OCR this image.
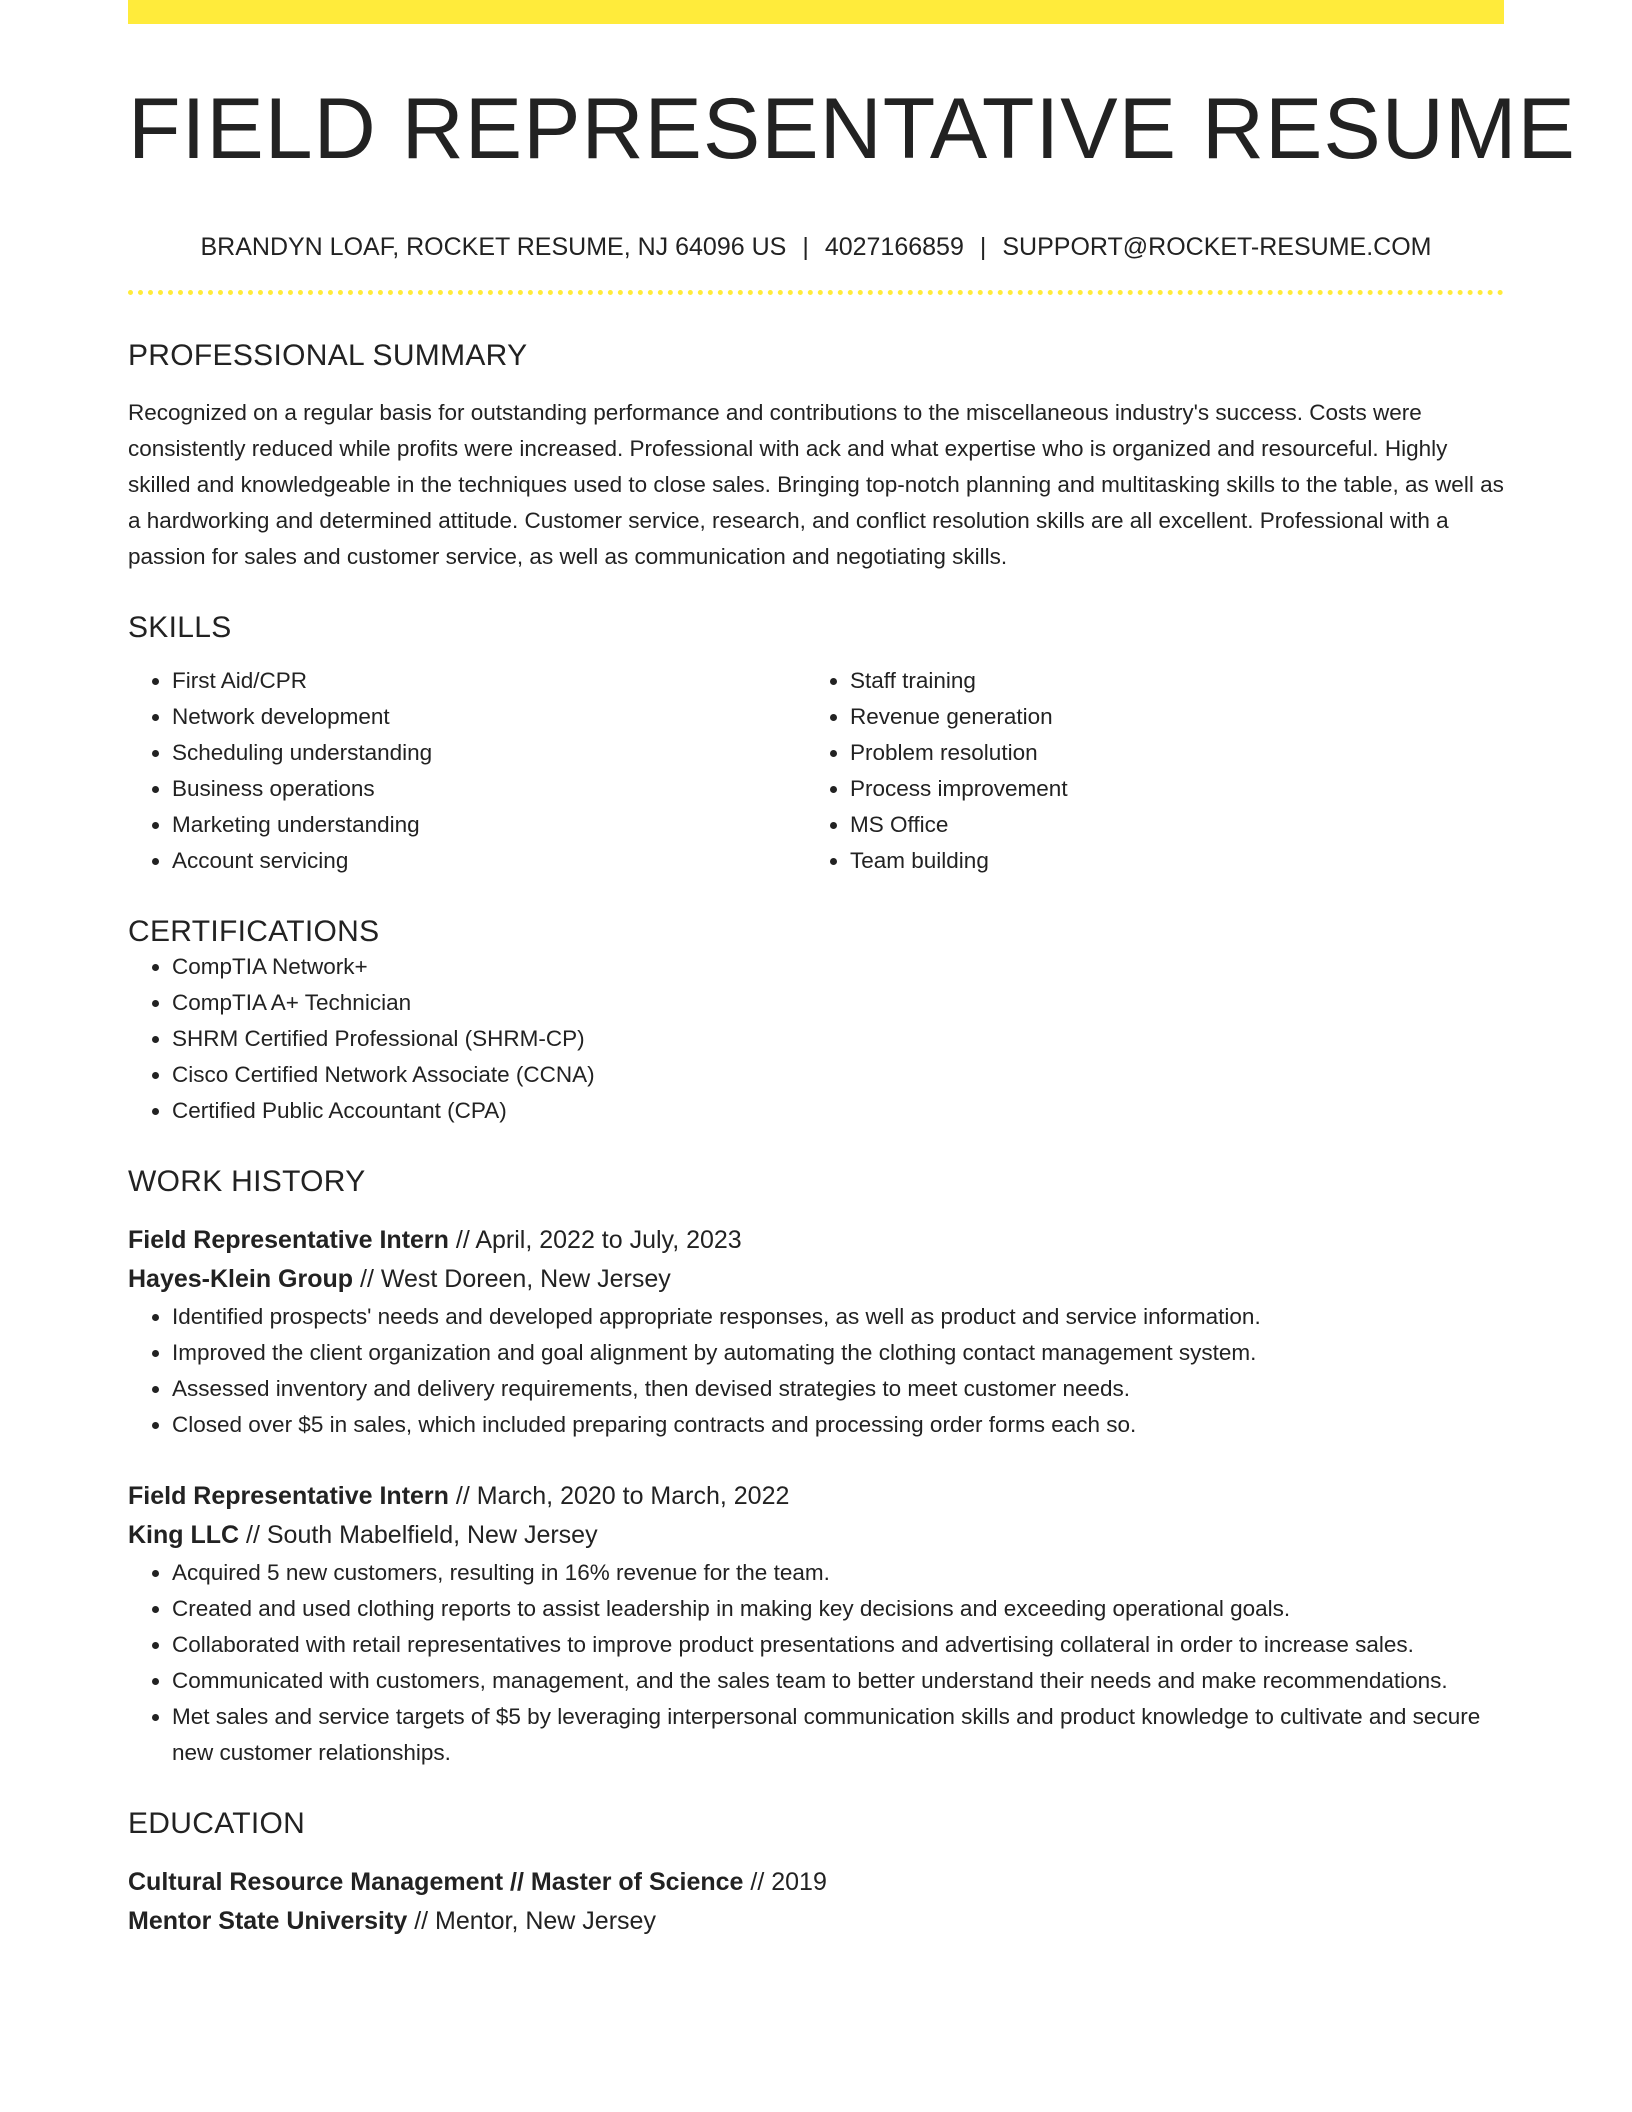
FIELD REPRESENTATIVE RESUME
BRANDYN LOAF, ROCKET RESUME, NJ 64096 US | 4027166859 | SUPPORT@ROCKET-RESUME.COM
PROFESSIONAL SUMMARY
Recognized on a regular basis for outstanding performance and contributions to the miscellaneous industry's success. Costs were consistently reduced while profits were increased. Professional with ack and what expertise who is organized and resourceful. Highly skilled and knowledgeable in the techniques used to close sales. Bringing top-notch planning and multitasking skills to the table, as well as a hardworking and determined attitude. Customer service, research, and conflict resolution skills are all excellent. Professional with a passion for sales and customer service, as well as communication and negotiating skills.
SKILLS
• First Aid/CPR
• Network development
• Scheduling understanding
• Business operations
• Marketing understanding
• Account servicing
• Staff training
• Revenue generation
• Problem resolution
• Process improvement
• MS Office
• Team building
CERTIFICATIONS
• CompTIA Network+
• CompTIA A+ Technician
• SHRM Certified Professional (SHRM-CP)
• Cisco Certified Network Associate (CCNA)
• Certified Public Accountant (CPA)
WORK HISTORY
Field Representative Intern // April, 2022 to July, 2023
Hayes-Klein Group // West Doreen, New Jersey
• Identified prospects' needs and developed appropriate responses, as well as product and service information.
• Improved the client organization and goal alignment by automating the clothing contact management system.
• Assessed inventory and delivery requirements, then devised strategies to meet customer needs.
• Closed over $5 in sales, which included preparing contracts and processing order forms each so.
Field Representative Intern // March, 2020 to March, 2022
King LLC // South Mabelfield, New Jersey
• Acquired 5 new customers, resulting in 16% revenue for the team.
• Created and used clothing reports to assist leadership in making key decisions and exceeding operational goals.
• Collaborated with retail representatives to improve product presentations and advertising collateral in order to increase sales.
• Communicated with customers, management, and the sales team to better understand their needs and make recommendations.
• Met sales and service targets of $5 by leveraging interpersonal communication skills and product knowledge to cultivate and secure new customer relationships.
EDUCATION
Cultural Resource Management // Master of Science // 2019
Mentor State University // Mentor, New Jersey
